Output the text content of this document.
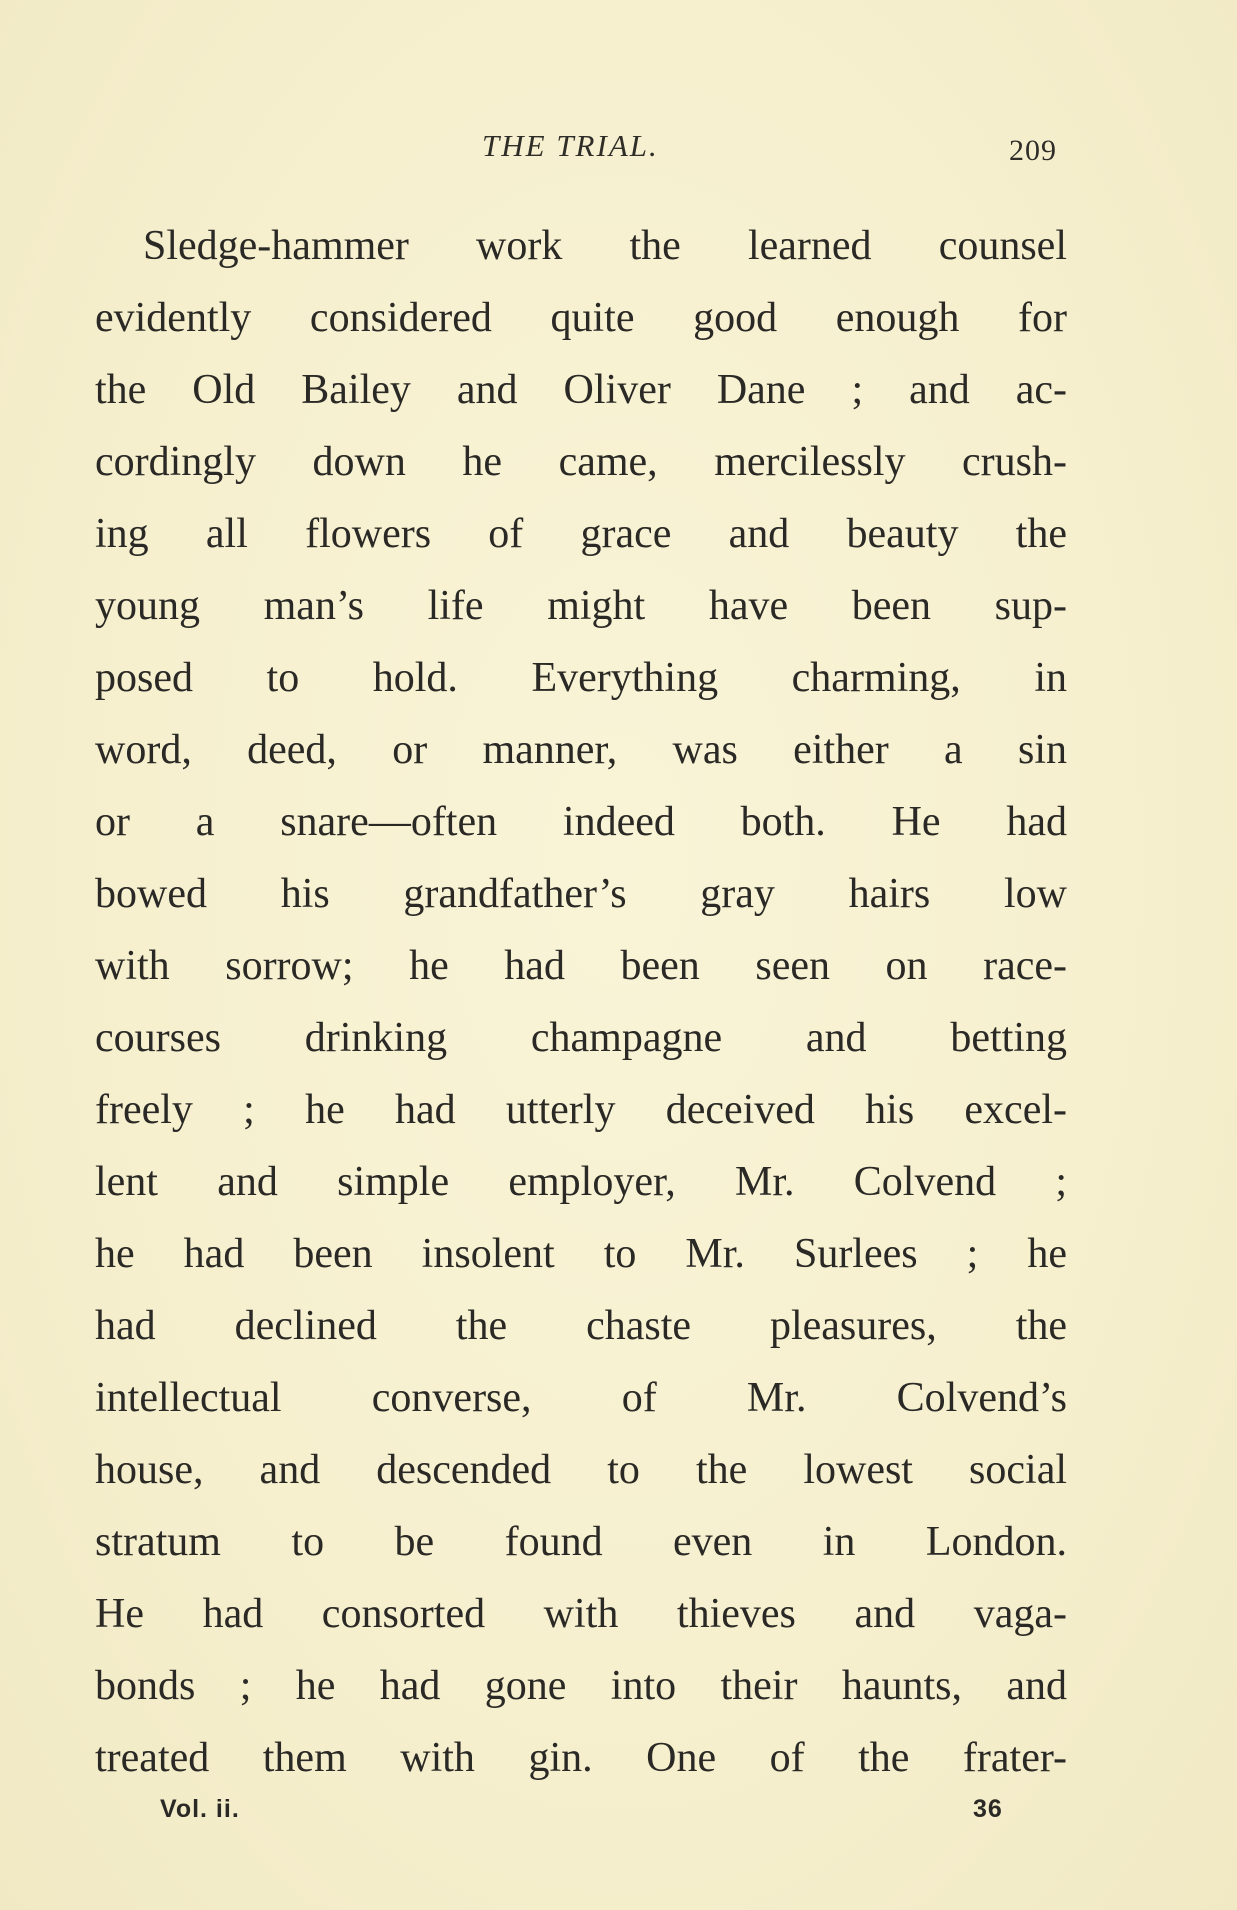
THE TRIAL.	209
Sledge-hammer work the learned counsel
evidently considered quite good enough for
the Old Bailey and Oliver Dane ; and ac-
cordingly down he came, mercilessly crush-
ing all flowers of grace and beauty the
young man’s life might have been sup-
posed to hold. Everything charming, in
word, deed, or manner, was either a sin
or a snare—often indeed both. He had
bowed his grandfather’s gray hairs low
with sorrow; he had been seen on race-
courses drinking champagne and betting
freely ; he had utterly deceived his excel-
lent and simple employer, Mr. Colvend ;
he had been insolent to Mr. Surlees ; he
had declined the chaste pleasures, the
intellectual converse, of Mr. Colvend’s
house, and descended to the lowest social
stratum to be found even in London.
He had consorted with thieves and vaga-
bonds ; he had gone into their haunts, and
treated them with gin. One of the frater-
Vol. ii.	36
